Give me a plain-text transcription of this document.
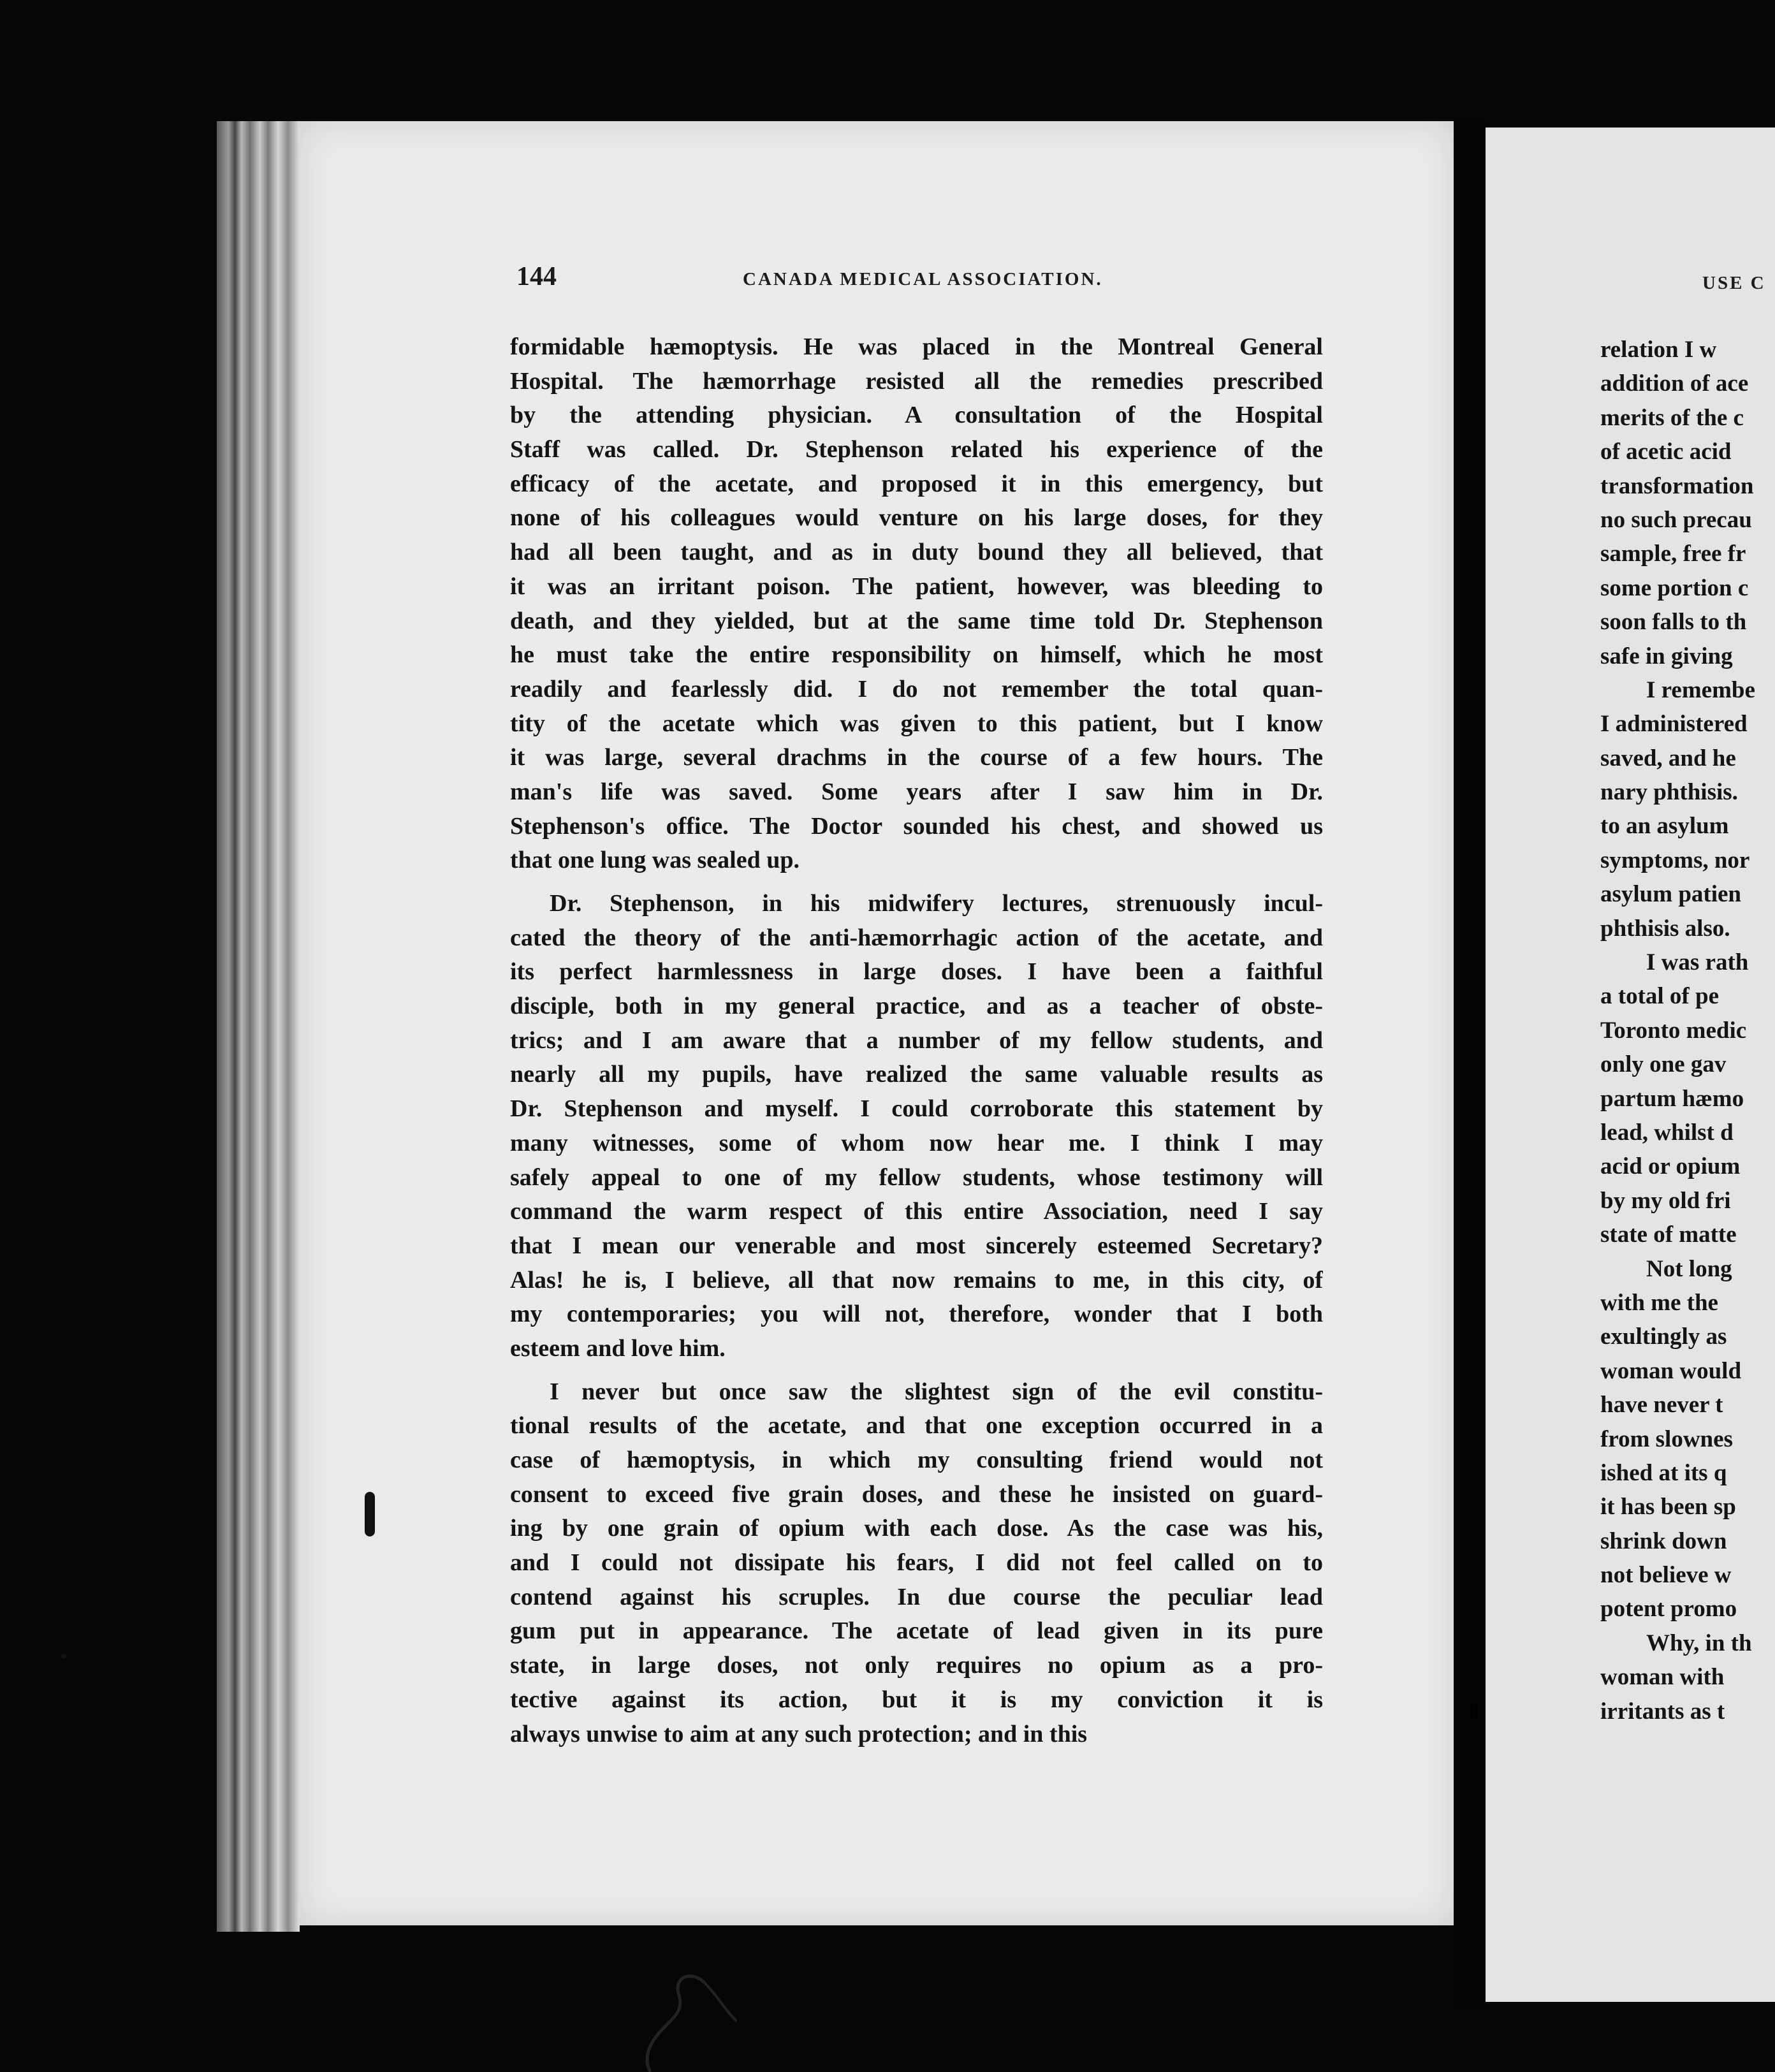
144	CANADA MEDICAL ASSOCIATION.
formidable hæmoptysis. He was placed in the Montreal General
Hospital. The hæmorrhage resisted all the remedies prescribed
by the attending physician. A consultation of the Hospital
Staff was called. Dr. Stephenson related his experience of the
efficacy of the acetate, and proposed it in this emergency, but
none of his colleagues would venture on his large doses, for they
had all been taught, and as in duty bound they all believed, that
it was an irritant poison. The patient, however, was bleeding to
death, and they yielded, but at the same time told Dr. Stephenson
he must take the entire responsibility on himself, which he most
readily and fearlessly did. I do not remember the total quan-
tity of the acetate which was given to this patient, but I know
it was large, several drachms in the course of a few hours. The
man's life was saved. Some years after I saw him in Dr.
Stephenson's office. The Doctor sounded his chest, and showed us
that one lung was sealed up.
Dr. Stephenson, in his midwifery lectures, strenuously incul-
cated the theory of the anti-hæmorrhagic action of the acetate, and
its perfect harmlessness in large doses. I have been a faithful
disciple, both in my general practice, and as a teacher of obste-
trics; and I am aware that a number of my fellow students, and
nearly all my pupils, have realized the same valuable results as
Dr. Stephenson and myself. I could corroborate this statement by
many witnesses, some of whom now hear me. I think I may
safely appeal to one of my fellow students, whose testimony will
command the warm respect of this entire Association, need I say
that I mean our venerable and most sincerely esteemed Secretary?
Alas! he is, I believe, all that now remains to me, in this city, of
my contemporaries; you will not, therefore, wonder that I both
esteem and love him.
I never but once saw the slightest sign of the evil constitu-
tional results of the acetate, and that one exception occurred in a
case of hæmoptysis, in which my consulting friend would not
consent to exceed five grain doses, and these he insisted on guard-
ing by one grain of opium with each dose. As the case was his,
and I could not dissipate his fears, I did not feel called on to
contend against his scruples. In due course the peculiar lead
gum put in appearance. The acetate of lead given in its pure
state, in large doses, not only requires no opium as a pro-
tective against its action, but it is my conviction it is
always unwise to aim at any such protection; and in this
USE C
relation I w
addition of ace
merits of the c
of acetic acid
transformation
no such precau
sample, free fr
some portion c
soon falls to th
safe in giving
I remembe
I administered
saved, and he
nary phthisis.
to an asylum
symptoms, nor
asylum patien
phthisis also.
I was rath
a total of pe
Toronto medic
only one gav
partum hæmo
lead, whilst d
acid or opium
by my old fri
state of matte
Not long
with me the
exultingly as
woman would
have never t
from slownes
ished at its q
it has been sp
shrink down
not believe w
potent promo
Why, in th
woman with
irritants as t
